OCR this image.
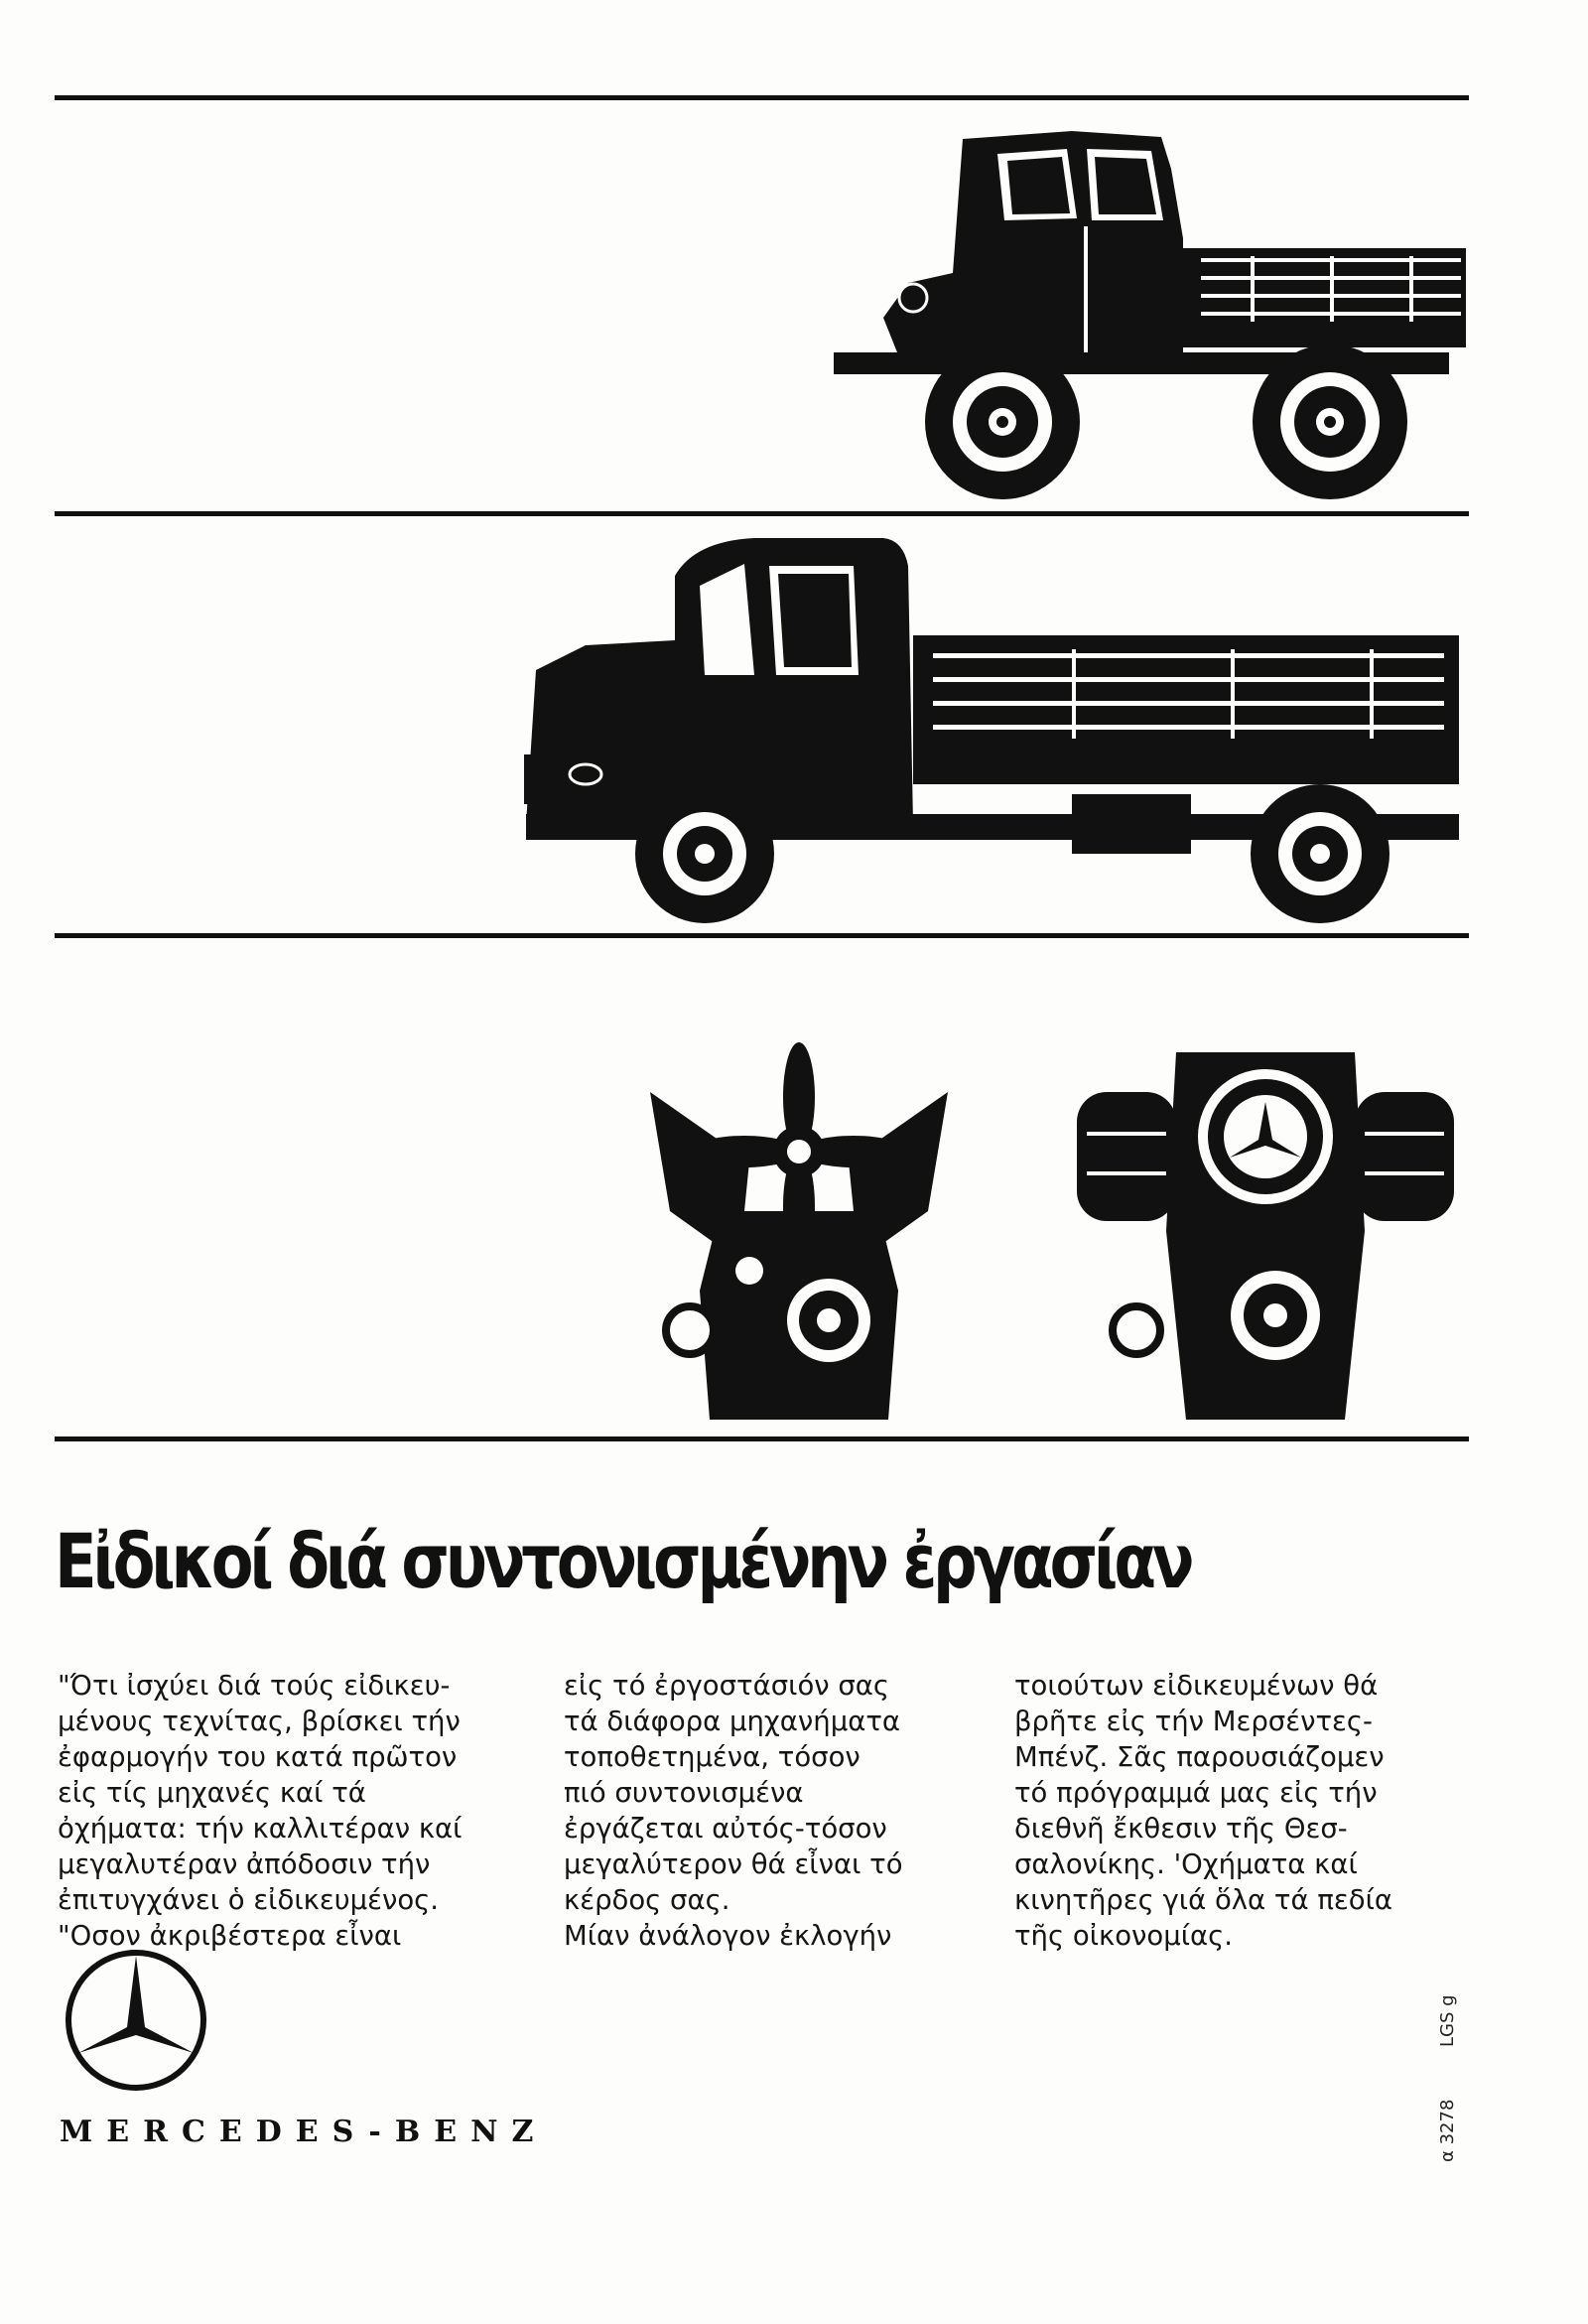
Εἰδικοί διά συντονισμένην ἐργασίαν
"Ότι ἰσχύει διά τούς εἰδικευ-
μένους τεχνίτας, βρίσκει τήν
ἐφαρμογήν του κατά πρῶτον
εἰς τίς μηχανές καί τά
ὀχήματα: τήν καλλιτέραν καί
μεγαλυτέραν ἀπόδοσιν τήν
ἐπιτυγχάνει ὁ εἰδικευμένος.
"Οσον ἀκριβέστερα εἶναι
εἰς τό ἐργοστάσιόν σας
τά διάφορα μηχανήματα
τοποθετημένα, τόσον
πιό συντονισμένα
ἐργάζεται αὐτός-τόσον
μεγαλύτερον θά εἶναι τό
κέρδος σας.
Μίαν ἀνάλογον ἐκλογήν
τοιούτων εἰδικευμένων θά
βρῆτε εἰς τήν Μερσέντες-
Μπένζ. Σᾶς παρουσιάζομεν
τό πρόγραμμά μας εἰς τήν
διεθνῆ ἔκθεσιν τῆς Θεσ-
σαλονίκης. 'Οχήματα καί
κινητῆρες γιά ὅλα τά πεδία
τῆς οἰκονομίας.
MERCEDES-BENZ	α 3278
LGS g
